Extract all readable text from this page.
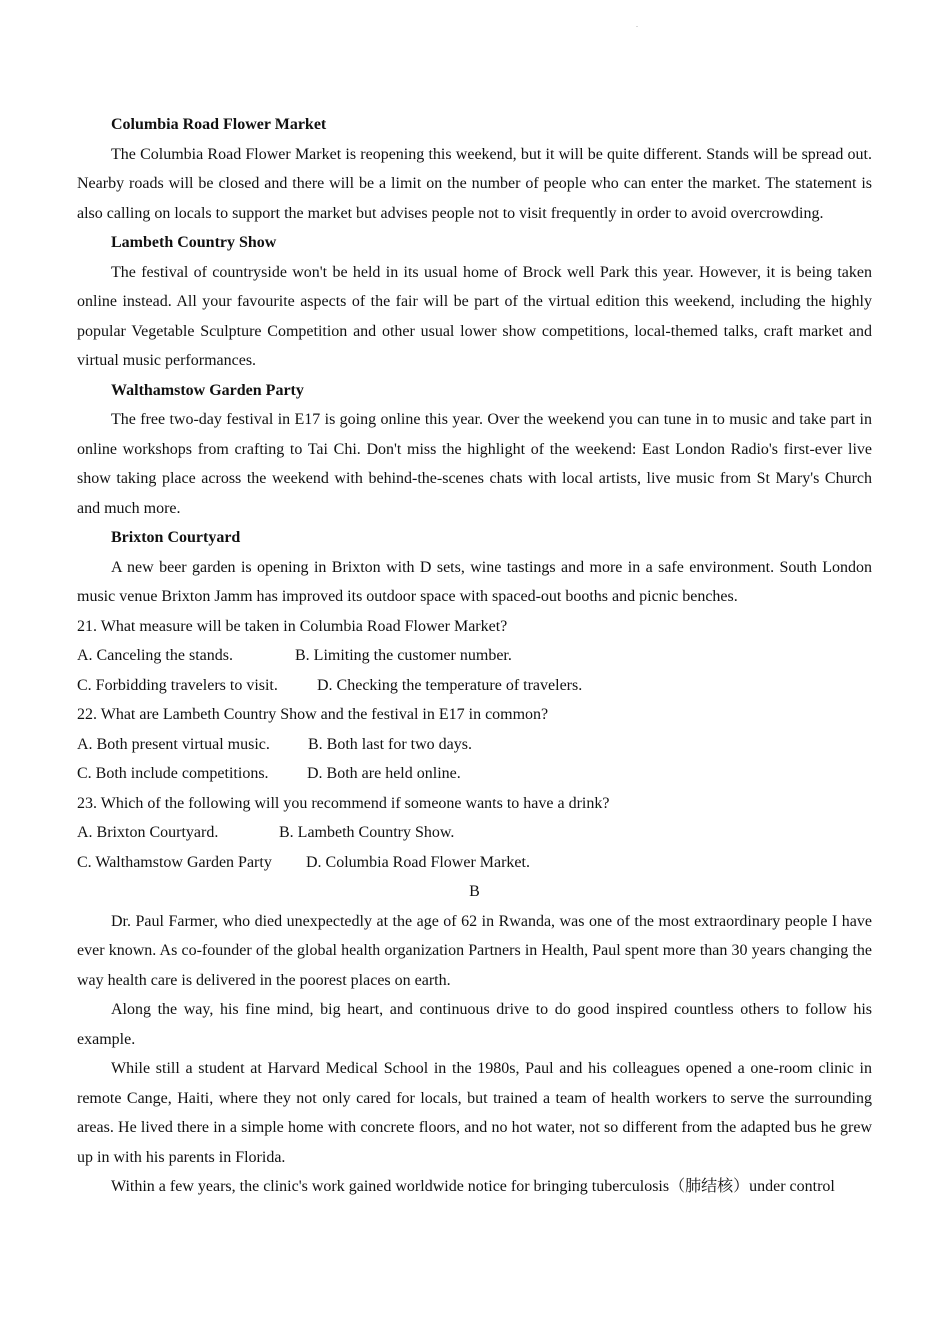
.

Columbia Road Flower Market

The Columbia Road Flower Market is reopening this weekend, but it will be quite different. Stands will be spread out. Nearby roads will be closed and there will be a limit on the number of people who can enter the market. The statement is also calling on locals to support the market but advises people not to visit frequently in order to avoid overcrowding.

Lambeth Country Show

The festival of countryside won't be held in its usual home of Brock well Park this year. However, it is being taken online instead. All your favourite aspects of the fair will be part of the virtual edition this weekend, including the highly popular Vegetable Sculpture Competition and other usual lower show competitions, local-themed talks, craft market and virtual music performances.

Walthamstow Garden Party

The free two-day festival in E17 is going online this year. Over the weekend you can tune in to music and take part in online workshops from crafting to Tai Chi. Don't miss the highlight of the weekend: East London Radio's first-ever live show taking place across the weekend with behind-the-scenes chats with local artists, live music from St Mary's Church and much more.

Brixton Courtyard

A new beer garden is opening in Brixton with D sets, wine tastings and more in a safe environment. South London music venue Brixton Jamm has improved its outdoor space with spaced-out booths and picnic benches.

21. What measure will be taken in Columbia Road Flower Market?

A. Canceling the stands.	B. Limiting the customer number.
C. Forbidding travelers to visit. D. Checking the temperature of travelers.

22. What are Lambeth Country Show and the festival in E17 in common?

A. Both present virtual music. B. Both last for two days.
C. Both include competitions. D. Both are held online.

23. Which of the following will you recommend if someone wants to have a drink?

A. Brixton Courtyard.	B. Lambeth Country Show.
C. Walthamstow Garden Party D. Columbia Road Flower Market.

B

Dr. Paul Farmer, who died unexpectedly at the age of 62 in Rwanda, was one of the most extraordinary people I have ever known. As co-founder of the global health organization Partners in Health, Paul spent more than 30 years changing the way health care is delivered in the poorest places on earth.

Along the way, his fine mind, big heart, and continuous drive to do good inspired countless others to follow his example.

While still a student at Harvard Medical School in the 1980s, Paul and his colleagues opened a one-room clinic in remote Cange, Haiti, where they not only cared for locals, but trained a team of health workers to serve the surrounding areas. He lived there in a simple home with concrete floors, and no hot water, not so different from the adapted bus he grew up in with his parents in Florida.

Within a few years, the clinic's work gained worldwide notice for bringing tuberculosis（肺结核）under control
